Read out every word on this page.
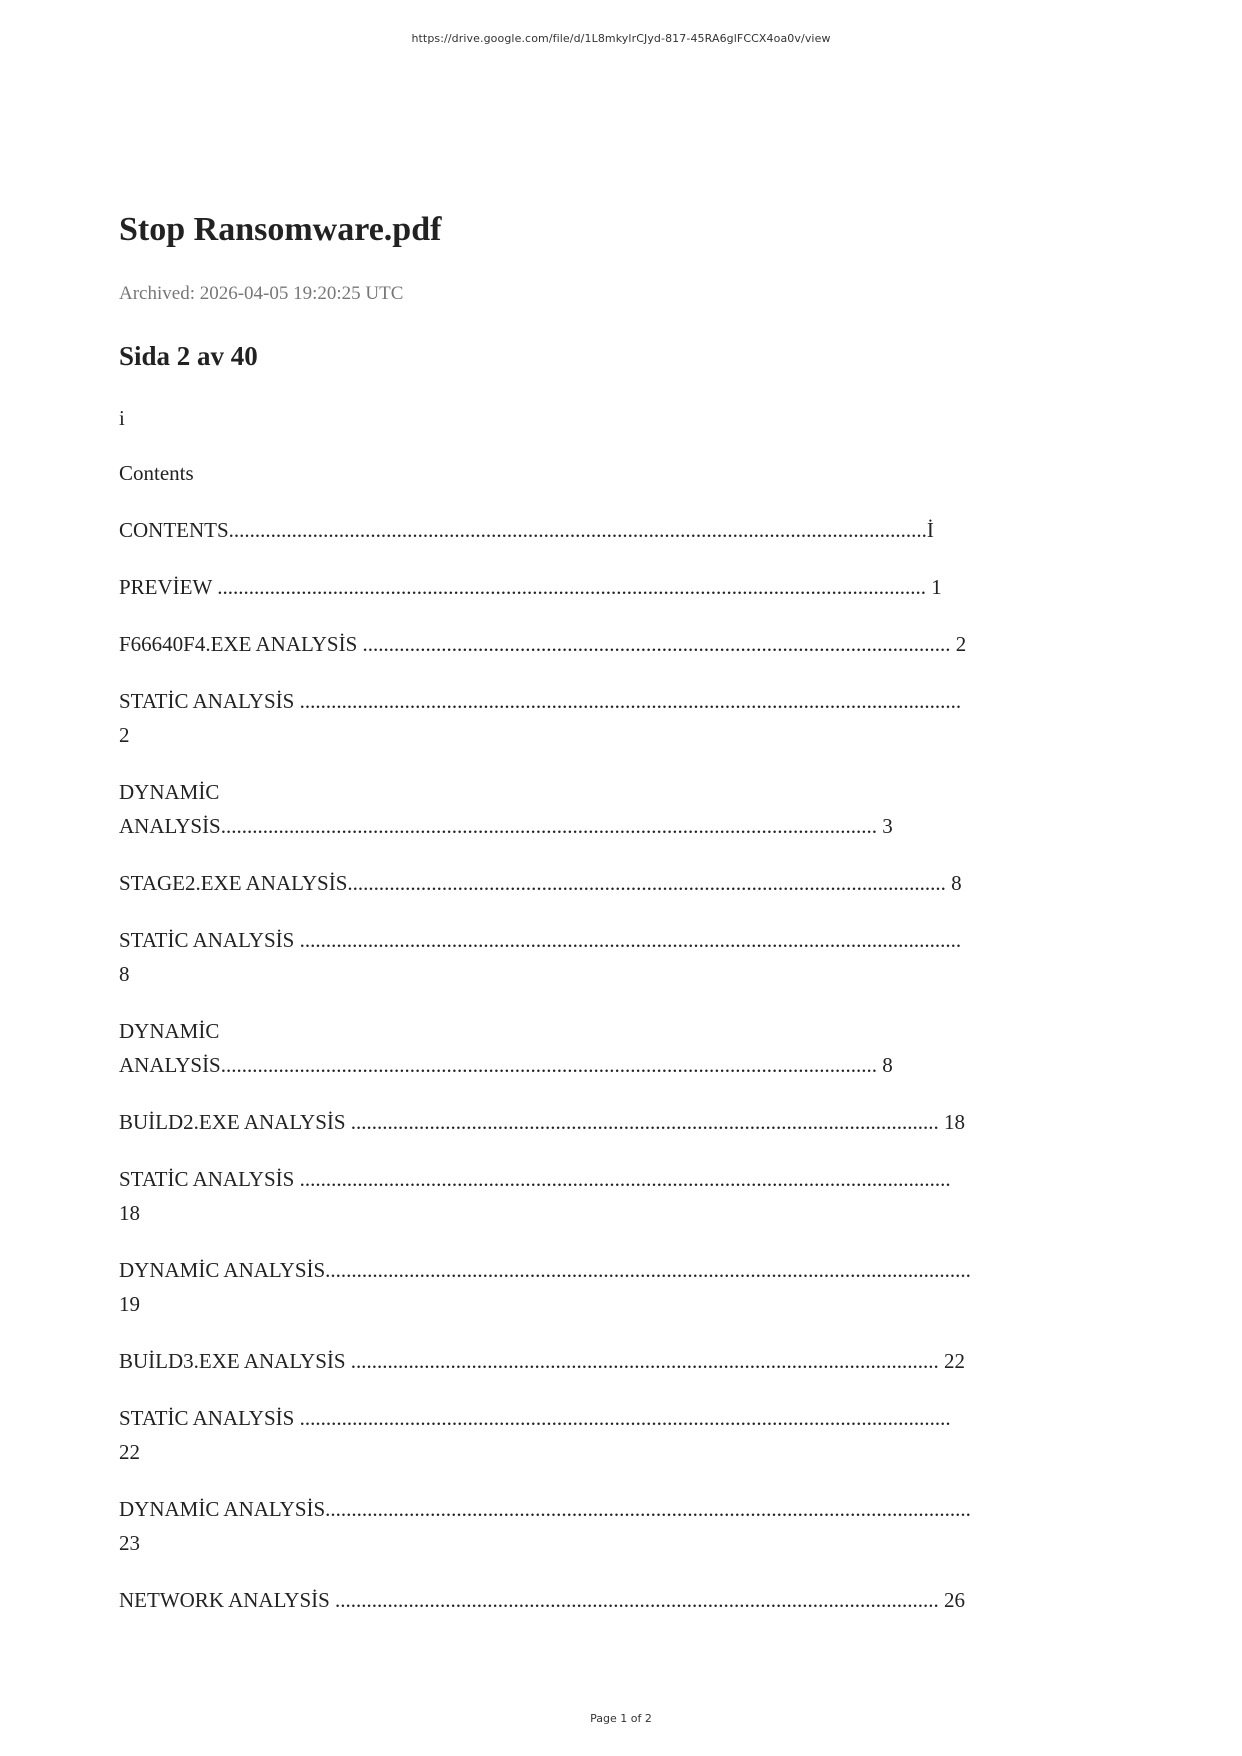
https://drive.google.com/file/d/1L8mkylrCJyd-817-45RA6glFCCX4oa0v/view
Stop Ransomware.pdf
Archived: 2026-04-05 19:20:25 UTC
Sida 2 av 40

i

Contents

CONTENTS.....................................................................................................................................İ

PREVİEW ....................................................................................................................................... 1

F66640F4.EXE ANALYSİS ................................................................................................................ 2

STATİC ANALYSİS ..............................................................................................................................

2

DYNAMİC

ANALYSİS............................................................................................................................. 3

STAGE2.EXE ANALYSİS.................................................................................................................. 8

STATİC ANALYSİS ..............................................................................................................................

8

DYNAMİC

ANALYSİS............................................................................................................................. 8

BUİLD2.EXE ANALYSİS ................................................................................................................ 18

STATİC ANALYSİS ............................................................................................................................

18

DYNAMİC ANALYSİS...........................................................................................................................

19

BUİLD3.EXE ANALYSİS ................................................................................................................ 22

STATİC ANALYSİS ............................................................................................................................

22

DYNAMİC ANALYSİS...........................................................................................................................

23

NETWORK ANALYSİS ................................................................................................................... 26

Page 1 of 2
